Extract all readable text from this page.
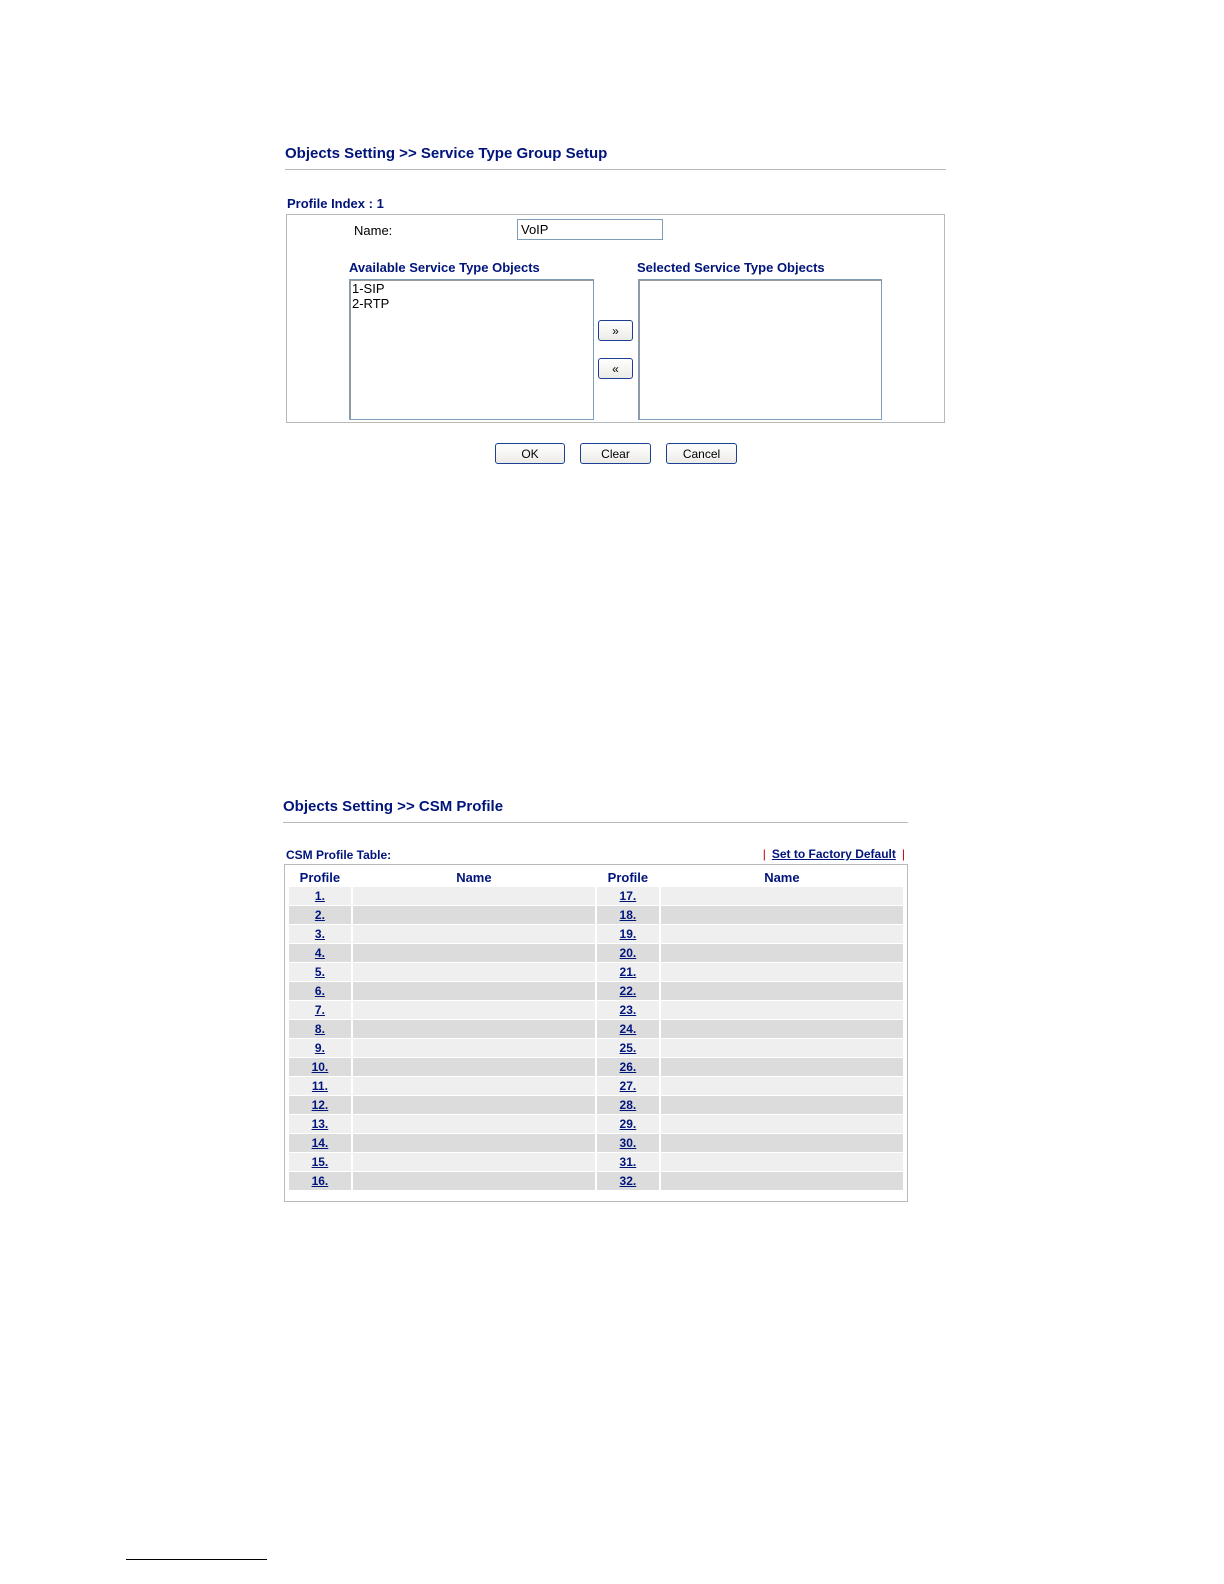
Objects Setting >> Service Type Group Setup
Profile Index : 1
Name:
VoIP
Available Service Type Objects	Selected Service Type Objects
1-SIP
2-RTP
»
«
OK	Clear	Cancel
Objects Setting >> CSM Profile
CSM Profile Table:	| Set to Factory Default |
Profile	Name	Profile	Name
1.		17.	
2.		18.	
3.		19.	
4.		20.	
5.		21.	
6.		22.	
7.		23.	
8.		24.	
9.		25.	
10.		26.	
11.		27.	
12.		28.	
13.		29.	
14.		30.	
15.		31.	
16.		32.	
